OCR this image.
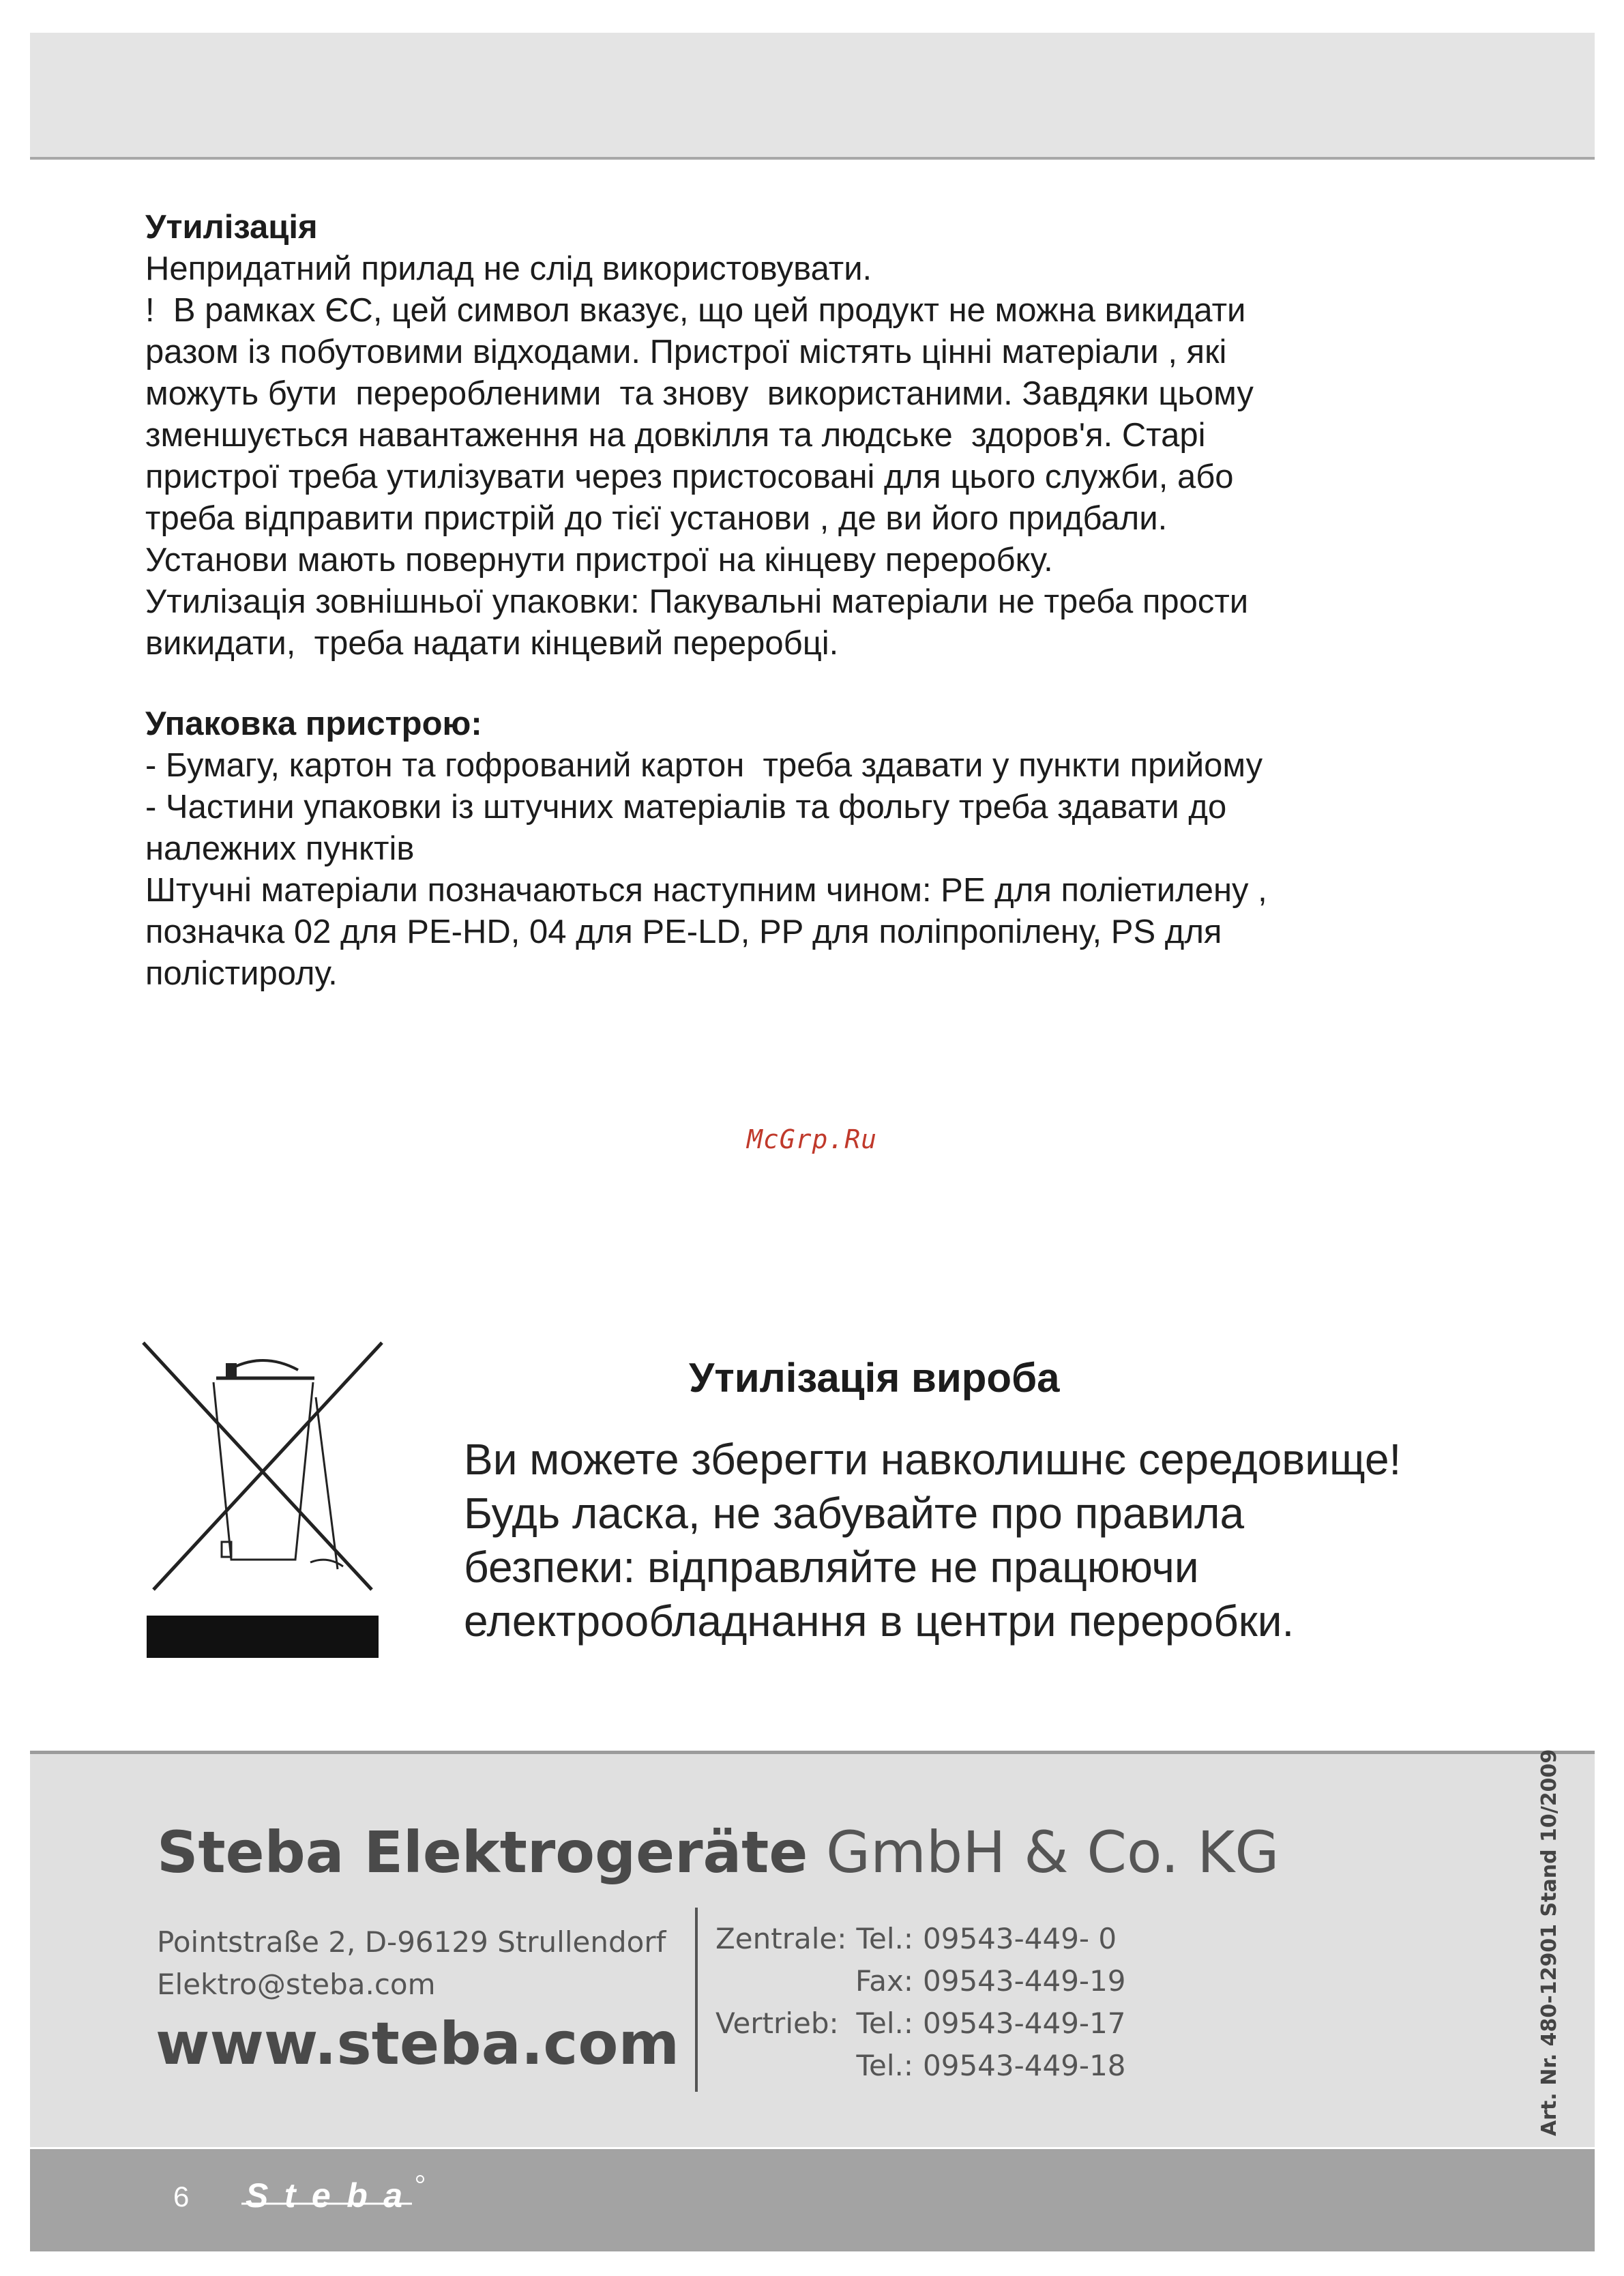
Утилізація
Непридатний прилад не слід використовувати.
!  В рамках ЄС, цей символ вказує, що цей продукт не можна викидати
разом із побутовими відходами. Пристрої містять цінні матеріали , які
можуть бути  переробленими  та знову  використаними. Завдяки цьому
зменшується навантаження на довкілля та людське  здоров'я. Старі
пристрої треба утилізувати через пристосовані для цього служби, або
треба відправити пристрій до тієї установи , де ви його придбали.
Установи мають повернути пристрої на кінцеву переробку.
Утилізація зовнішньої упаковки: Пакувальні матеріали не треба прости
викидати,  треба надати кінцевий переробці.
Упаковка пристрою:
- Бумагу, картон та гофрований картон  треба здавати у пункти прийому
- Частини упаковки із штучних матеріалів та фольгу треба здавати до
належних пунктів
Штучні матеріали позначаються наступним чином: PE для поліетилену ,
позначка 02 для PE-HD, 04 для PE-LD, PP для поліпропілену, PS для
полістиролу.
McGrp.Ru
Утилізація виробa
Ви можете зберегти навколишнє середовище!
Будь ласка, не забувайте про правила
безпеки: відправляйте не працюючи
електрообладнання в центри переробки.
Steba Elektrogeräte GmbH & Co. KG
Pointstraße 2, D-96129 Strullendorf
Elektro@steba.com
www.steba.com
Zentrale: Tel.: 09543-449- 0
Fax: 09543-449-19
Vertrieb: Tel.: 09543-449-17
Tel.: 09543-449-18	Art. Nr. 480-12901 Stand 10/2009
6 Steba
